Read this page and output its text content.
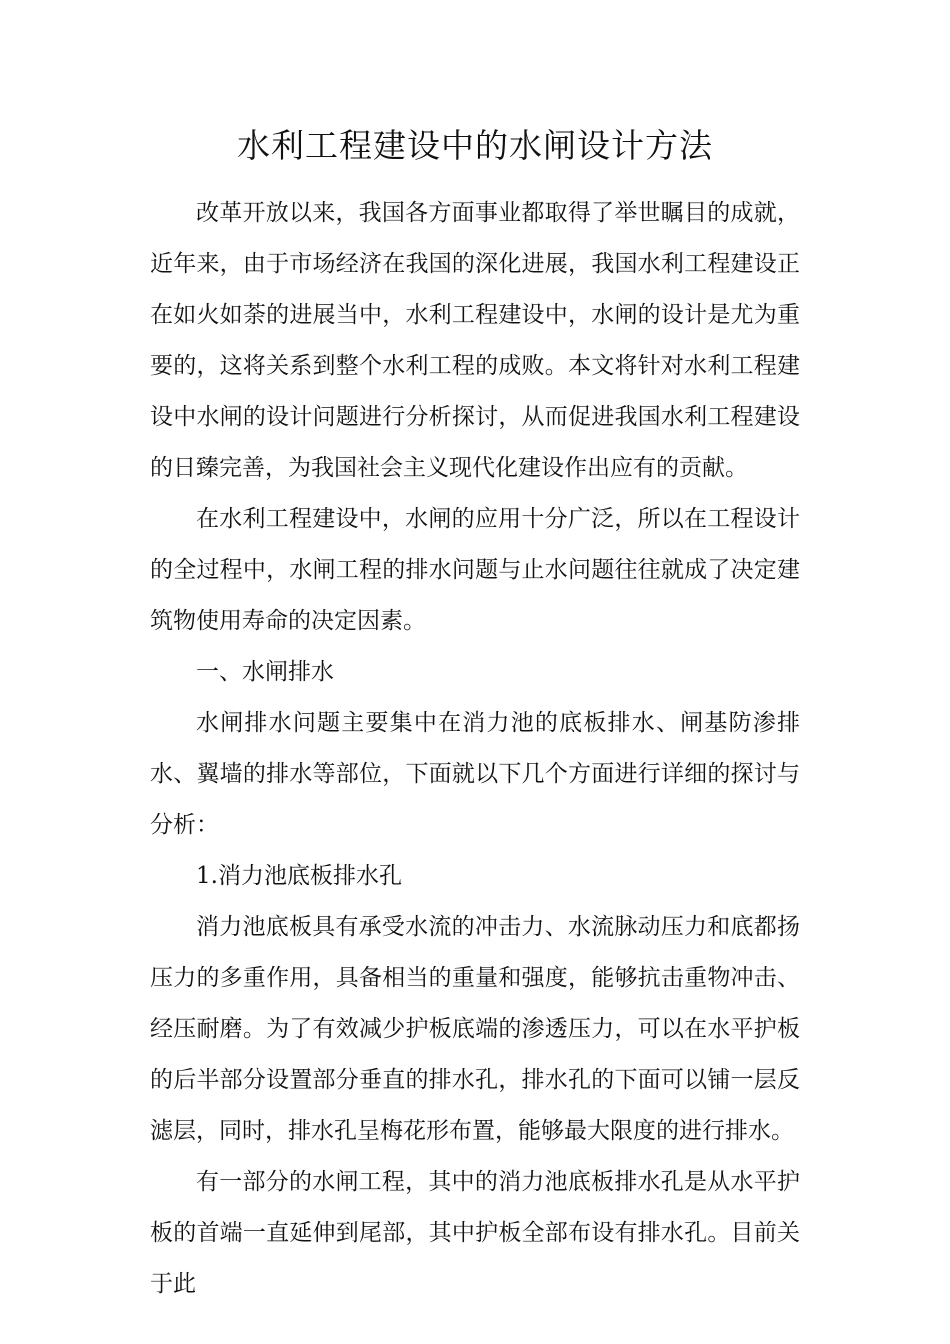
水利工程建设中的水闸设计方法

改革开放以来，我国各方面事业都取得了举世瞩目的成就，近年来，由于市场经济在我国的深化进展，我国水利工程建设正在如火如荼的进展当中，水利工程建设中，水闸的设计是尤为重要的，这将关系到整个水利工程的成败。本文将针对水利工程建设中水闸的设计问题进行分析探讨，从而促进我国水利工程建设的日臻完善，为我国社会主义现代化建设作出应有的贡献。

在水利工程建设中，水闸的应用十分广泛，所以在工程设计的全过程中，水闸工程的排水问题与止水问题往往就成了决定建筑物使用寿命的决定因素。

一、水闸排水

水闸排水问题主要集中在消力池的底板排水、闸基防渗排水、翼墙的排水等部位，下面就以下几个方面进行详细的探讨与分析：

1.消力池底板排水孔

消力池底板具有承受水流的冲击力、水流脉动压力和底都扬压力的多重作用，具备相当的重量和强度，能够抗击重物冲击、经压耐磨。为了有效减少护板底端的渗透压力，可以在水平护板的后半部分设置部分垂直的排水孔，排水孔的下面可以铺一层反滤层，同时，排水孔呈梅花形布置，能够最大限度的进行排水。

有一部分的水闸工程，其中的消力池底板排水孔是从水平护板的首端一直延伸到尾部，其中护板全部布设有排水孔。目前关于此
